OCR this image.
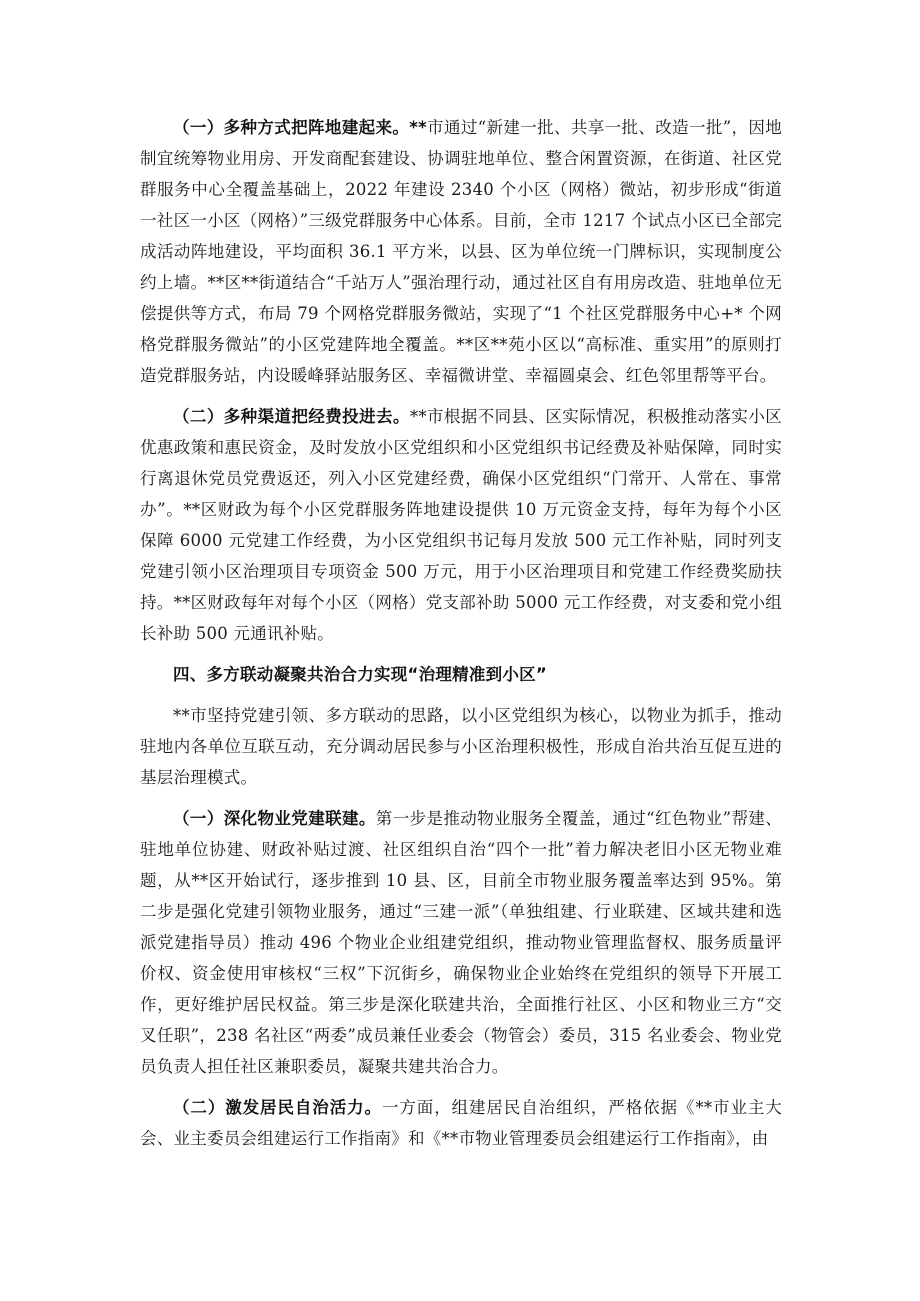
（一）多种方式把阵地建起来。**市通过“新建一批、共享一批、改造一批”，因地制宜统筹物业用房、开发商配套建设、协调驻地单位、整合闲置资源，在街道、社区党群服务中心全覆盖基础上，2022 年建设 2340 个小区（网格）微站，初步形成“街道一社区一小区（网格）”三级党群服务中心体系。目前，全市 1217 个试点小区已全部完成活动阵地建设，平均面积 36.1 平方米，以县、区为单位统一门牌标识，实现制度公约上墙。**区**街道结合“千站万人”强治理行动，通过社区自有用房改造、驻地单位无偿提供等方式，布局 79 个网格党群服务微站，实现了“1 个社区党群服务中心+* 个网格党群服务微站”的小区党建阵地全覆盖。**区**苑小区以“高标准、重实用”的原则打造党群服务站，内设暖峰驿站服务区、幸福微讲堂、幸福圆桌会、红色邻里帮等平台。

（二）多种渠道把经费投进去。**市根据不同县、区实际情况，积极推动落实小区优惠政策和惠民资金，及时发放小区党组织和小区党组织书记经费及补贴保障，同时实行离退休党员党费返还，列入小区党建经费，确保小区党组织“门常开、人常在、事常办”。**区财政为每个小区党群服务阵地建设提供 10 万元资金支持，每年为每个小区保障 6000 元党建工作经费，为小区党组织书记每月发放 500 元工作补贴，同时列支党建引领小区治理项目专项资金 500 万元，用于小区治理项目和党建工作经费奖励扶持。**区财政每年对每个小区（网格）党支部补助 5000 元工作经费，对支委和党小组长补助 500 元通讯补贴。

四、多方联动凝聚共治合力实现“治理精准到小区”

**市坚持党建引领、多方联动的思路，以小区党组织为核心，以物业为抓手，推动驻地内各单位互联互动，充分调动居民参与小区治理积极性，形成自治共治互促互进的基层治理模式。

（一）深化物业党建联建。第一步是推动物业服务全覆盖，通过“红色物业”帮建、驻地单位协建、财政补贴过渡、社区组织自治“四个一批”着力解决老旧小区无物业难题，从**区开始试行，逐步推到 10 县、区，目前全市物业服务覆盖率达到 95%。第二步是强化党建引领物业服务，通过“三建一派”（单独组建、行业联建、区域共建和选派党建指导员）推动 496 个物业企业组建党组织，推动物业管理监督权、服务质量评价权、资金使用审核权“三权”下沉街乡，确保物业企业始终在党组织的领导下开展工作，更好维护居民权益。第三步是深化联建共治，全面推行社区、小区和物业三方“交叉任职”，238 名社区“两委”成员兼任业委会（物管会）委员，315 名业委会、物业党员负责人担任社区兼职委员，凝聚共建共治合力。

（二）激发居民自治活力。一方面，组建居民自治组织，严格依据《**市业主大会、业主委员会组建运行工作指南》和《**市物业管理委员会组建运行工作指南》，由
